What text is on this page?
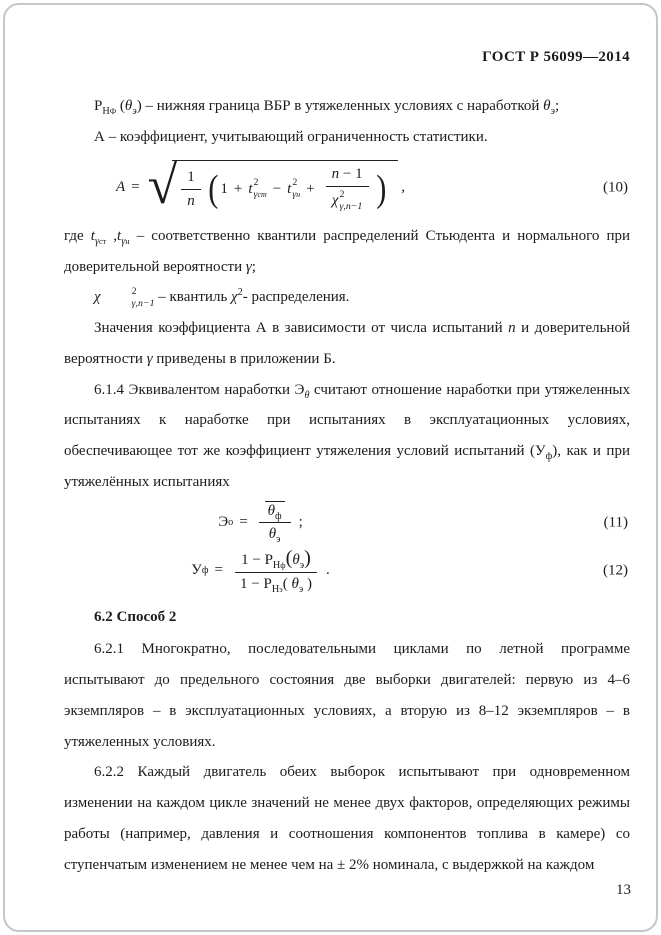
ГОСТ Р 56099—2014

$Р_{НФ}$ $(\theta_э)$ – нижняя граница ВБР в утяжеленных условиях с наработкой $\theta_э$;

А – коэффициент, учитывающий ограниченность статистики.

A = √ $\frac{1}{n}$ ( 1 + t 2
γст − t 2
γн + n − 1
χ 2
γ,n−1 ) ,	(10)

где $t_{\gamma ст}$ $,t_{\gamma н}$ – соответственно квантили распределений Стьюдента и нормального при доверительной вероятности γ;

χ	2
γ,n−1 – квантиль $\chi^2-$ распределения.

Значения коэффициента А в зависимости от числа испытаний n и доверительной вероятности γ приведены в приложении Б.

6.1.4 Эквивалентом наработки $Э_\theta$ считают отношение наработки при утяжеленных испытаниях к наработке при испытаниях в эксплуатационных условиях, обеспечивающее тот же коэффициент утяжеления условий испытаний $(У_ф)$, как и при утяжелённых испытаниях

Э $о = \frac{\theta_ф}{\theta_э}$ ;	(11)
У $ф = \frac{1 - Р_{Нф}(\theta_э)}{1 - Р_{Нэ}( \theta_э )}$ .	(12)

6.2 Способ 2

6.2.1 Многократно, последовательными циклами по летной программе испытывают до предельного состояния две выборки двигателей: первую из 4–6 экземпляров – в эксплуатационных условиях, а вторую из 8–12 экземпляров – в утяжеленных условиях.

6.2.2 Каждый двигатель обеих выборок испытывают при одновременном изменении на каждом цикле значений не менее двух факторов, определяющих режимы работы (например, давления и соотношения компонентов топлива в камере) со ступенчатым изменением не менее чем на ± 2% номинала, с выдержкой на каждом

13
